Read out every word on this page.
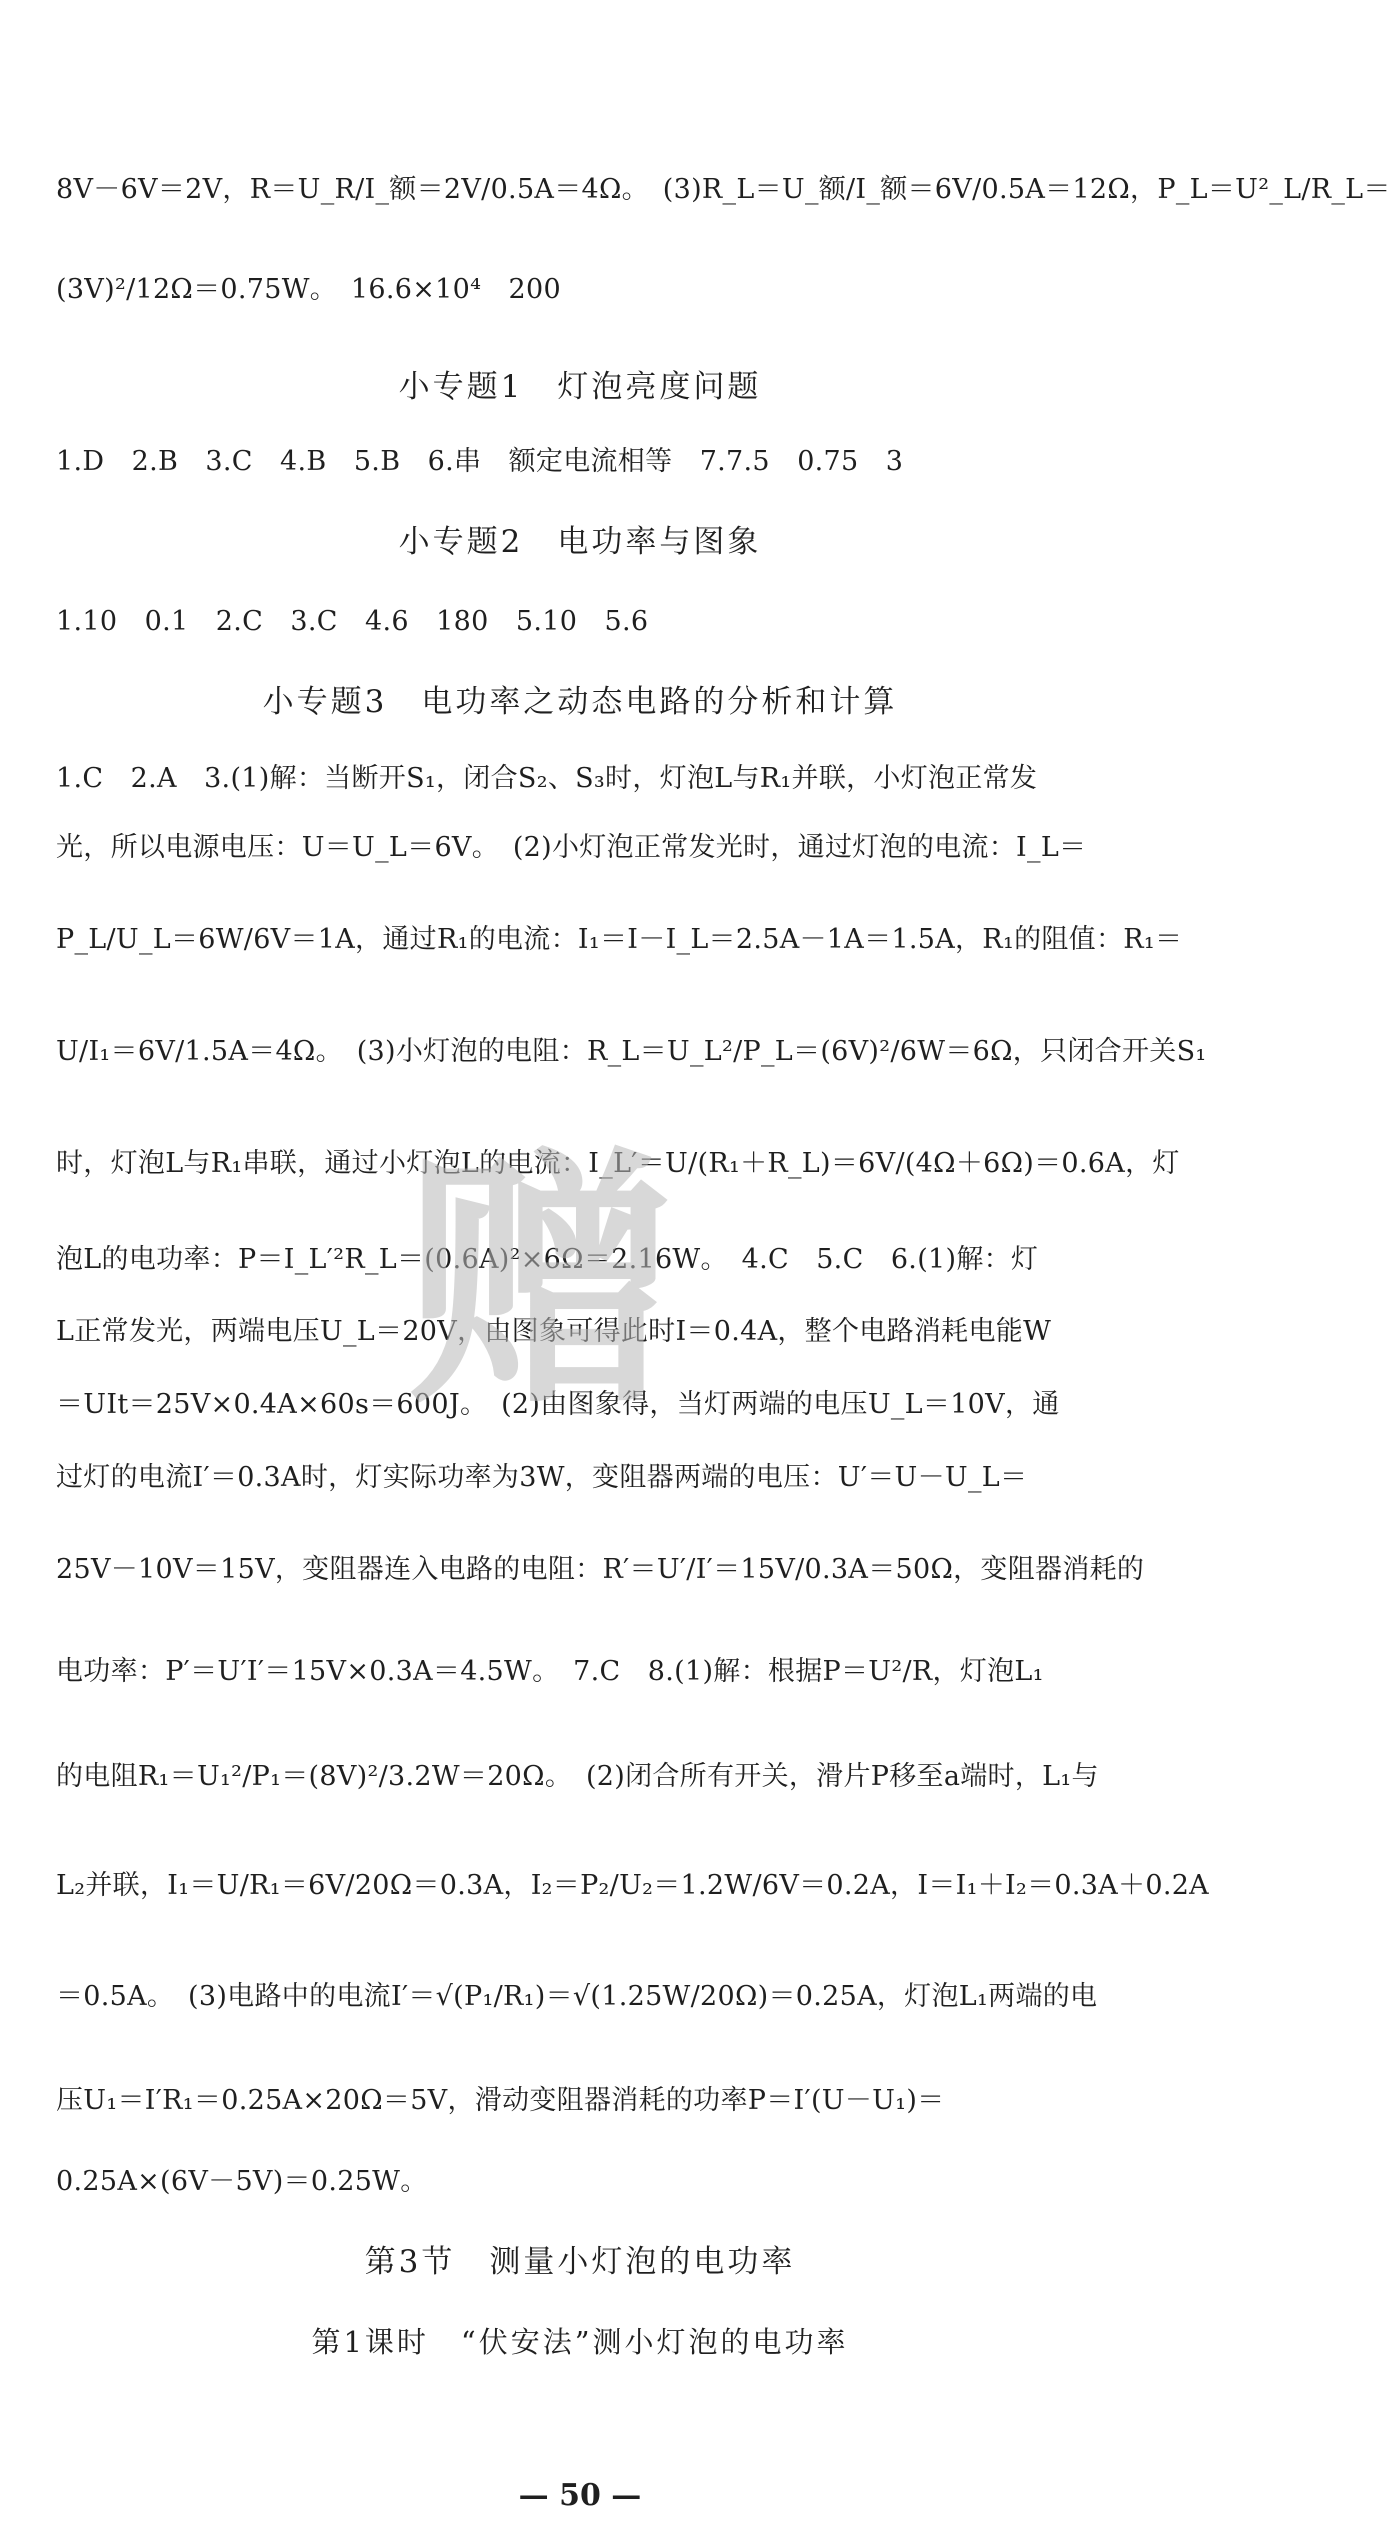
8V－6V＝2V，R＝U_R/I_额＝2V/0.5A＝4Ω。　(3)R_L＝U_额/I_额＝6V/0.5A＝12Ω，P_L＝U²_L/R_L＝
(3V)²/12Ω＝0.75W。　16.6×10⁴　200
小专题1　灯泡亮度问题
1.D　2.B　3.C　4.B　5.B　6.串　额定电流相等　7.7.5　0.75　3
小专题2　电功率与图象
1.10　0.1　2.C　3.C　4.6　180　5.10　5.6
小专题3　电功率之动态电路的分析和计算
1.C　2.A　3.(1)解：当断开S₁，闭合S₂、S₃时，灯泡L与R₁并联，小灯泡正常发
光，所以电源电压：U＝U_L＝6V。　(2)小灯泡正常发光时，通过灯泡的电流：I_L＝
P_L/U_L＝6W/6V＝1A，通过R₁的电流：I₁＝I－I_L＝2.5A－1A＝1.5A，R₁的阻值：R₁＝
U/I₁＝6V/1.5A＝4Ω。　(3)小灯泡的电阻：R_L＝U_L²/P_L＝(6V)²/6W＝6Ω，只闭合开关S₁
时，灯泡L与R₁串联，通过小灯泡L的电流：I_L′＝U/(R₁＋R_L)＝6V/(4Ω＋6Ω)＝0.6A，灯
泡L的电功率：P＝I_L′²R_L＝(0.6A)²×6Ω＝2.16W。　4.C　5.C　6.(1)解：灯
L正常发光，两端电压U_L＝20V，由图象可得此时I＝0.4A，整个电路消耗电能W
＝UIt＝25V×0.4A×60s＝600J。　(2)由图象得，当灯两端的电压U_L＝10V，通
过灯的电流I′＝0.3A时，灯实际功率为3W，变阻器两端的电压：U′＝U－U_L＝
25V－10V＝15V，变阻器连入电路的电阻：R′＝U′/I′＝15V/0.3A＝50Ω，变阻器消耗的
电功率：P′＝U′I′＝15V×0.3A＝4.5W。　7.C　8.(1)解：根据P＝U²/R，灯泡L₁
的电阻R₁＝U₁²/P₁＝(8V)²/3.2W＝20Ω。　(2)闭合所有开关，滑片P移至a端时，L₁与
L₂并联，I₁＝U/R₁＝6V/20Ω＝0.3A，I₂＝P₂/U₂＝1.2W/6V＝0.2A，I＝I₁＋I₂＝0.3A＋0.2A
＝0.5A。　(3)电路中的电流I′＝√(P₁/R₁)＝√(1.25W/20Ω)＝0.25A，灯泡L₁两端的电
压U₁＝I′R₁＝0.25A×20Ω＝5V，滑动变阻器消耗的功率P＝I′(U－U₁)＝
0.25A×(6V－5V)＝0.25W。
第3节　测量小灯泡的电功率
第1课时　“伏安法”测小灯泡的电功率
— 50 —
赠
